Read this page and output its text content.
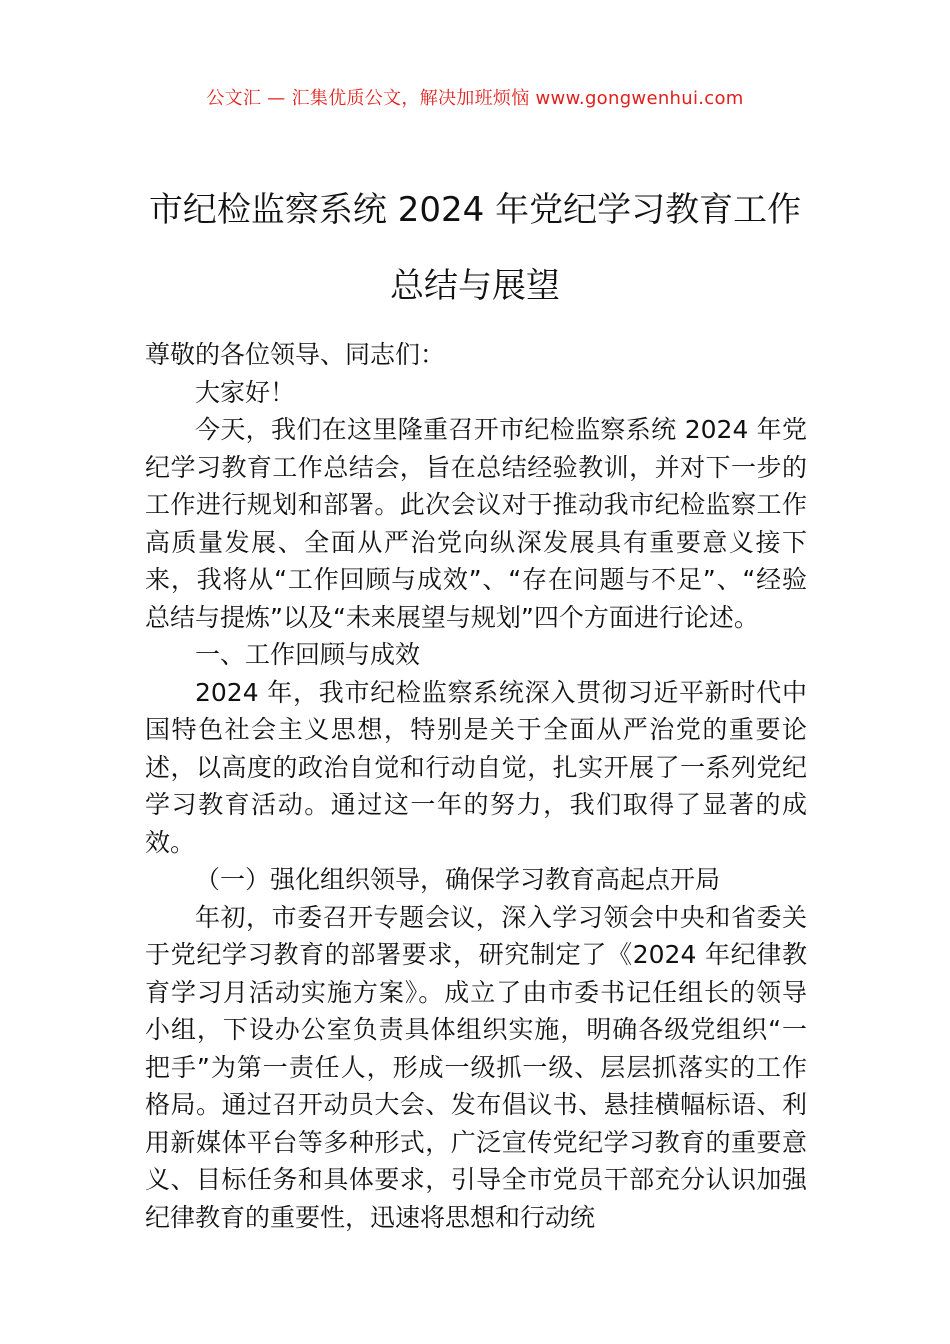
公文汇 — 汇集优质公文，解决加班烦恼 www.gongwenhui.com
市纪检监察系统 2024 年党纪学习教育工作
总结与展望

尊敬的各位领导、同志们：

大家好！

今天，我们在这里隆重召开市纪检监察系统 2024 年党纪学习教育工作总结会，旨在总结经验教训，并对下一步的工作进行规划和部署。此次会议对于推动我市纪检监察工作高质量发展、全面从严治党向纵深发展具有重要意义接下来，我将从“工作回顾与成效”、“存在问题与不足”、“经验总结与提炼”以及“未来展望与规划”四个方面进行论述。

一、工作回顾与成效

2024 年，我市纪检监察系统深入贯彻习近平新时代中国特色社会主义思想，特别是关于全面从严治党的重要论述，以高度的政治自觉和行动自觉，扎实开展了一系列党纪学习教育活动。通过这一年的努力，我们取得了显著的成效。

（一）强化组织领导，确保学习教育高起点开局

年初，市委召开专题会议，深入学习领会中央和省委关于党纪学习教育的部署要求，研究制定了《2024 年纪律教育学习月活动实施方案》。成立了由市委书记任组长的领导小组，下设办公室负责具体组织实施，明确各级党组织“一把手”为第一责任人，形成一级抓一级、层层抓落实的工作格局。通过召开动员大会、发布倡议书、悬挂横幅标语、利用新媒体平台等多种形式，广泛宣传党纪学习教育的重要意义、目标任务和具体要求，引导全市党员干部充分认识加强纪律教育的重要性，迅速将思想和行动统
